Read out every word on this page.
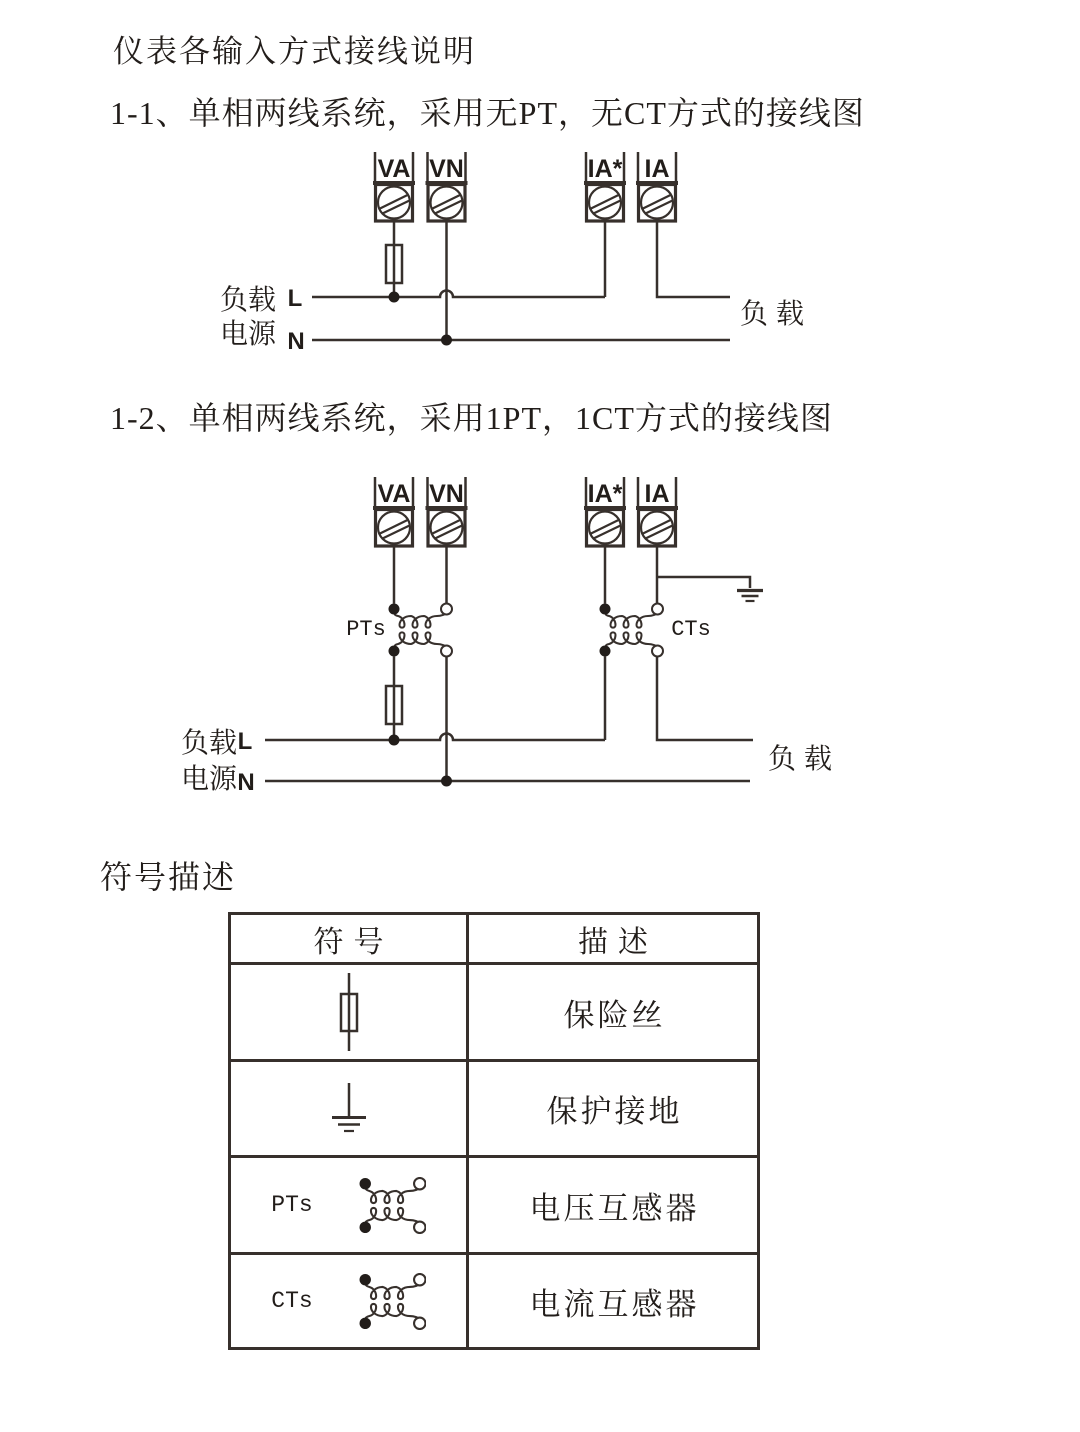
仪表各输入方式接线说明
1-1、单相两线系统，采用无PT，无CT方式的接线图
1-2、单相两线系统，采用1PT，1CT方式的接线图
符号描述
VA VN	IA* IA
负载
电源
L
N
负载
VA VN	IA* IA
PTs	CTs
负载
电源
L
N
负载
符号	描述
保险丝
保护接地
PTs	电压互感器
CTs	电流互感器
